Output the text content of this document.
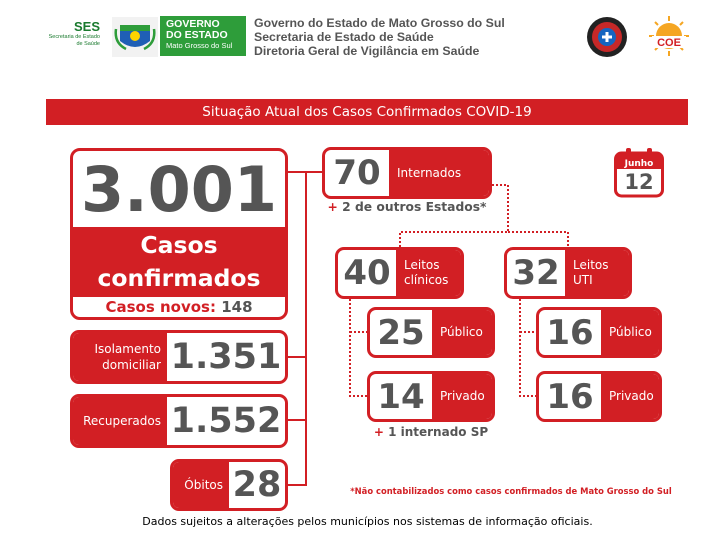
SES
Secretaria de Estado
de Saúde
GOVERNO
DO ESTADO
Mato Grosso do Sul
Governo do Estado de Mato Grosso do Sul
Secretaria de Estado de Saúde
Diretoria Geral de Vigilância em Saúde
COE
Situação Atual dos Casos Confirmados COVID-19
3.001
Casos
confirmados
Casos novos: 148
Isolamento
domiciliar 1.351
Recuperados 1.552
Óbitos 28
70	Internados
+ 2 de outros Estados*
40	Leitos
clínicos
25	Público
14	Privado
+ 1 internado SP
32	Leitos
UTI
16	Público
16	Privado
Junho
12
*Não contabilizados como casos confirmados de Mato Grosso do Sul
Dados sujeitos a alterações pelos municípios nos sistemas de informação oficiais.
